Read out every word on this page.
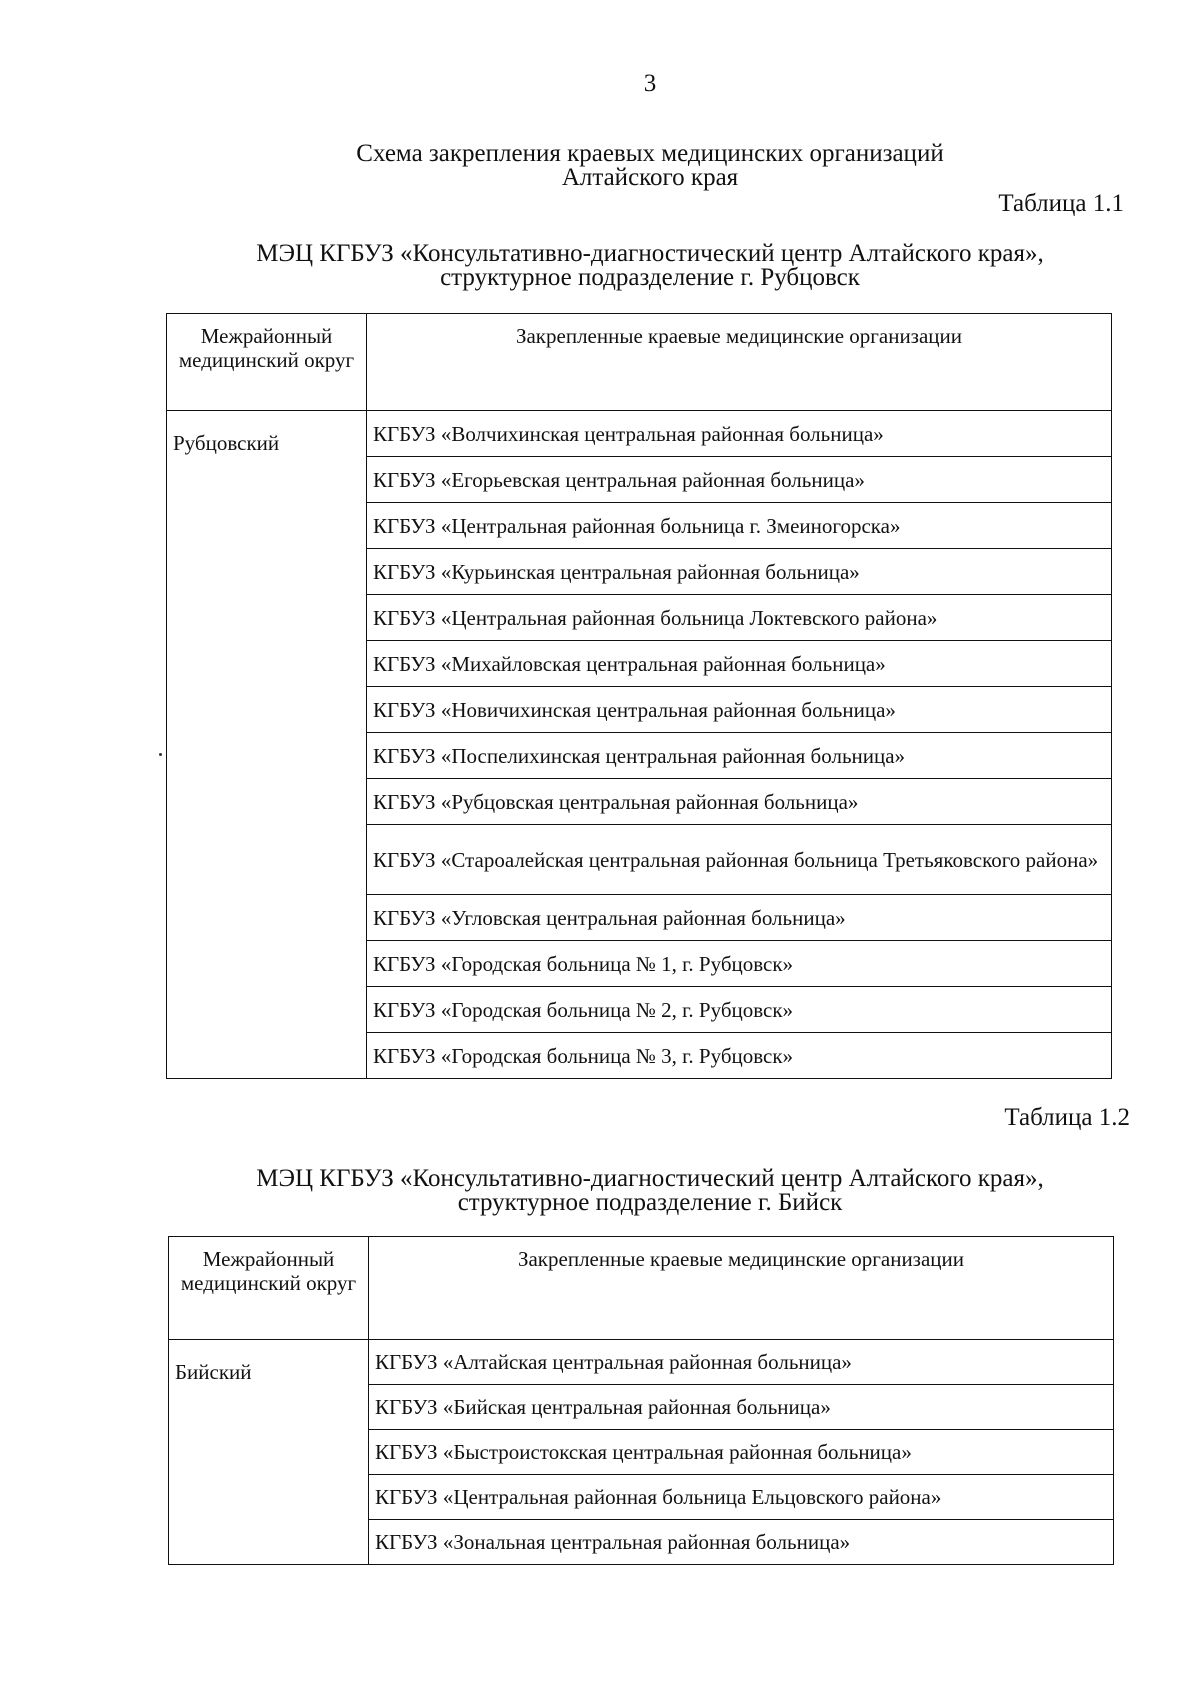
3
Схема закрепления краевых медицинских организаций
Алтайского края
Таблица 1.1
МЭЦ КГБУЗ «Консультативно-диагностический центр Алтайского края»,
структурное подразделение г. Рубцовск
Межрайонный медицинский округ	Закрепленные краевые медицинские организации
Рубцовский	КГБУЗ «Волчихинская центральная районная больница»
	КГБУЗ «Егорьевская центральная районная больница»
	КГБУЗ «Центральная районная больница г. Змеиногорска»
	КГБУЗ «Курьинская центральная районная больница»
	КГБУЗ «Центральная районная больница Локтевского района»
	КГБУЗ «Михайловская центральная районная больница»
	КГБУЗ «Новичихинская центральная районная больница»
	КГБУЗ «Поспелихинская центральная районная больница»
	КГБУЗ «Рубцовская центральная районная больница»
	КГБУЗ «Староалейская центральная районная больница Третьяковского района»
	КГБУЗ «Угловская центральная районная больница»
	КГБУЗ «Городская больница № 1, г. Рубцовск»
	КГБУЗ «Городская больница № 2, г. Рубцовск»
	КГБУЗ «Городская больница № 3, г. Рубцовск»
Таблица 1.2
МЭЦ КГБУЗ «Консультативно-диагностический центр Алтайского края»,
структурное подразделение г. Бийск
Межрайонный медицинский округ	Закрепленные краевые медицинские организации
Бийский	КГБУЗ «Алтайская центральная районная больница»
	КГБУЗ «Бийская центральная районная больница»
	КГБУЗ «Быстроистокская центральная районная больница»
	КГБУЗ «Центральная районная больница Ельцовского района»
	КГБУЗ «Зональная центральная районная больница»
